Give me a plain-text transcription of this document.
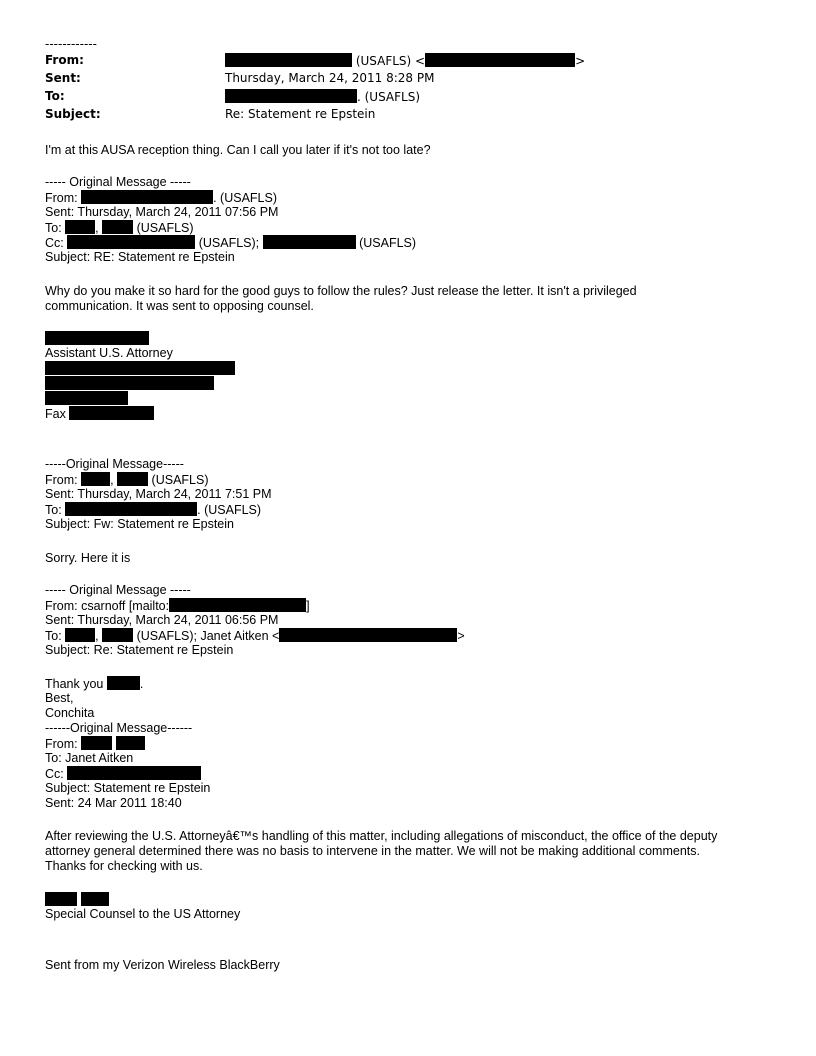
------------
From:	(USAFLS) <	>
Sent:	Thursday, March 24, 2011 8:28 PM
To:	. (USAFLS)
Subject:	Re: Statement re Epstein
I'm at this AUSA reception thing. Can I call you later if it's not too late?
----- Original Message -----
From:	. (USAFLS)
Sent: Thursday, March 24, 2011 07:56 PM
To: ,  (USAFLS)
Cc:	(USAFLS);	(USAFLS)
Subject: RE: Statement re Epstein
Why do you make it so hard for the good guys to follow the rules? Just release the letter. It isn't a privileged
communication. It was sent to opposing counsel.
Assistant U.S. Attorney
Fax
-----Original Message-----
From: ,  (USAFLS)
Sent: Thursday, March 24, 2011 7:51 PM
To:	. (USAFLS)
Subject: Fw: Statement re Epstein
Sorry. Here it is
----- Original Message -----
From: csarnoff [mailto:	]
Sent: Thursday, March 24, 2011 06:56 PM
To: ,  (USAFLS); Janet Aitken <	>
Subject: Re: Statement re Epstein
Thank you	.
Best,
Conchita
------Original Message------
From:
To: Janet Aitken
Cc:
Subject: Statement re Epstein
Sent: 24 Mar 2011 18:40
After reviewing the U.S. Attorneyâ€™s handling of this matter, including allegations of misconduct, the office of the deputy
attorney general determined there was no basis to intervene in the matter. We will not be making additional comments.
Thanks for checking with us.
Special Counsel to the US Attorney
Sent from my Verizon Wireless BlackBerry
